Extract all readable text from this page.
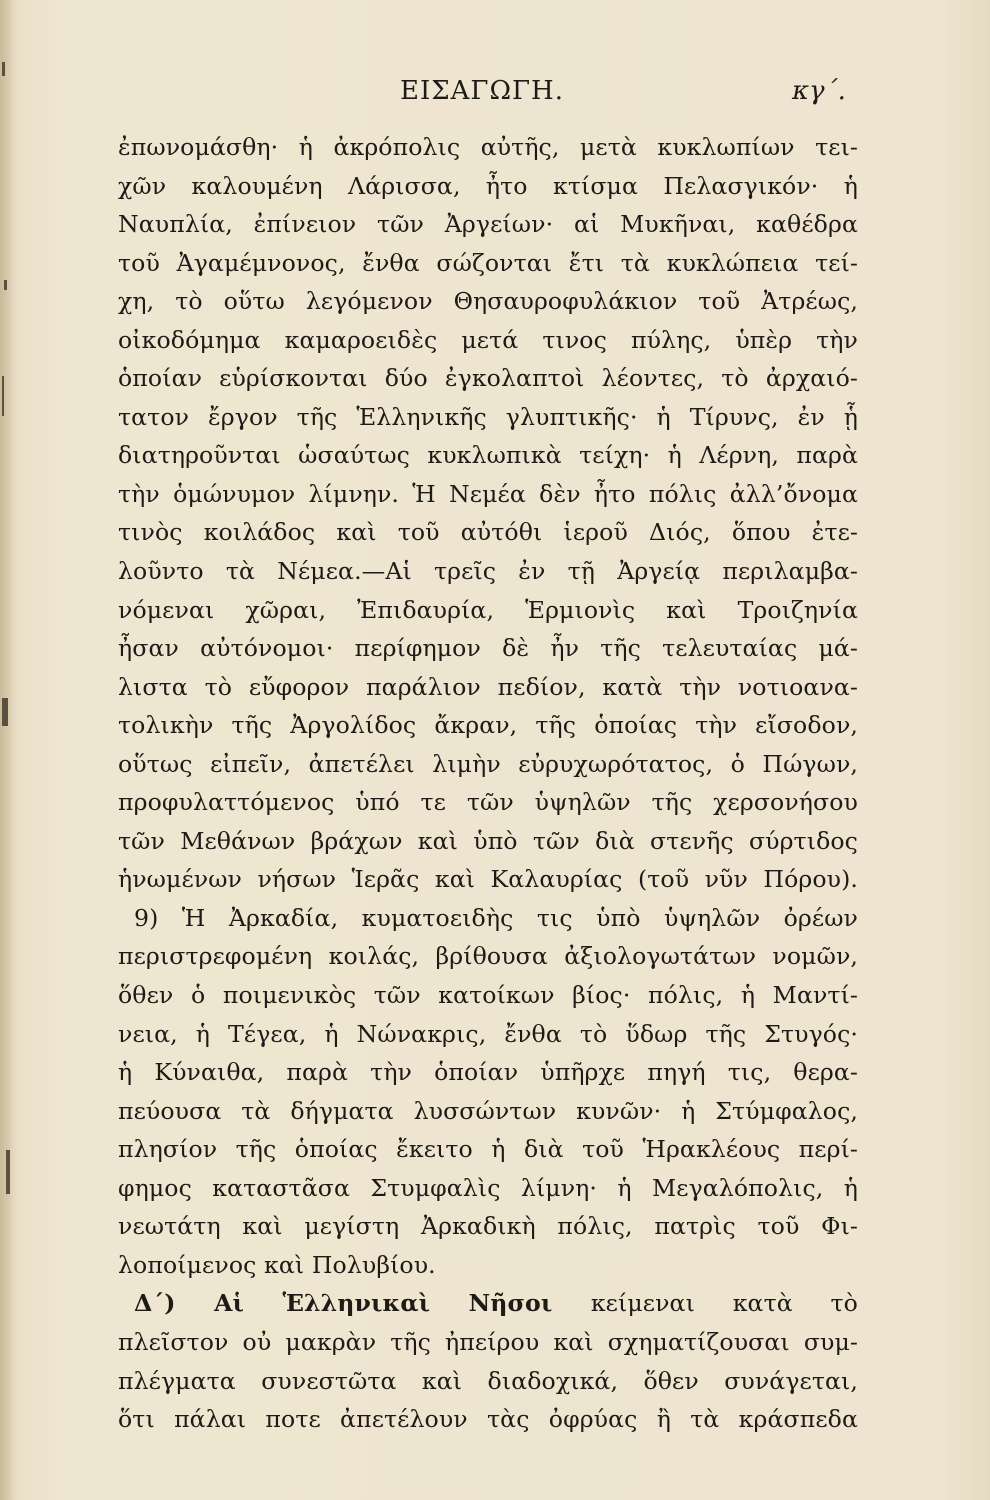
ΕΙΣΑΓΩΓΗ.	κγ΄.
ἐπωνομάσθη· ἡ ἀκρόπολις αὐτῆς, μετὰ κυκλωπίων τει-
χῶν καλουμένη Λάρισσα, ἦτο κτίσμα Πελασγικόν· ἡ
Ναυπλία, ἐπίνειον τῶν Ἀργείων· αἱ Μυκῆναι, καθέδρα
τοῦ Ἀγαμέμνονος, ἔνθα σώζονται ἔτι τὰ κυκλώπεια τεί-
χη, τὸ οὕτω λεγόμενον Θησαυροφυλάκιον τοῦ Ἀτρέως,
οἰκοδόμημα καμαροειδὲς μετά τινος πύλης, ὑπὲρ τὴν
ὁποίαν εὑρίσκονται δύο ἐγκολαπτοὶ λέοντες, τὸ ἀρχαιό-
τατον ἔργον τῆς Ἑλληνικῆς γλυπτικῆς· ἡ Τίρυνς, ἐν ᾗ
διατηροῦνται ὡσαύτως κυκλωπικὰ τείχη· ἡ Λέρνη, παρὰ
τὴν ὁμώνυμον λίμνην. Ἡ Νεμέα δὲν ἦτο πόλις ἀλλ’ὄνομα
τινὸς κοιλάδος καὶ τοῦ αὐτόθι ἱεροῦ Διός, ὅπου ἐτε-
λοῦντο τὰ Νέμεα.—Αἱ τρεῖς ἐν τῇ Ἀργείᾳ περιλαμβα-
νόμεναι χῶραι, Ἐπιδαυρία, Ἑρμιονὶς καὶ Τροιζηνία
ἦσαν αὐτόνομοι· περίφημον δὲ ἦν τῆς τελευταίας μά-
λιστα τὸ εὔφορον παράλιον πεδίον, κατὰ τὴν νοτιοανα-
τολικὴν τῆς Ἀργολίδος ἄκραν, τῆς ὁποίας τὴν εἴσοδον,
οὕτως εἰπεῖν, ἀπετέλει λιμὴν εὐρυχωρότατος, ὁ Πώγων,
προφυλαττόμενος ὑπό τε τῶν ὑψηλῶν τῆς χερσονήσου
τῶν Μεθάνων βράχων καὶ ὑπὸ τῶν διὰ στενῆς σύρτιδος
ἡνωμένων νήσων Ἱερᾶς καὶ Καλαυρίας (τοῦ νῦν Πόρου).
9) Ἡ Ἀρκαδία, κυματοειδὴς τις ὑπὸ ὑψηλῶν ὀρέων
περιστρεφομένη κοιλάς, βρίθουσα ἀξιολογωτάτων νομῶν,
ὅθεν ὁ ποιμενικὸς τῶν κατοίκων βίος· πόλις, ἡ Μαντί-
νεια, ἡ Τέγεα, ἡ Νώνακρις, ἔνθα τὸ ὕδωρ τῆς Στυγός·
ἡ Κύναιθα, παρὰ τὴν ὁποίαν ὑπῆρχε πηγή τις, θερα-
πεύουσα τὰ δήγματα λυσσώντων κυνῶν· ἡ Στύμφαλος,
πλησίον τῆς ὁποίας ἔκειτο ἡ διὰ τοῦ Ἡρακλέους περί-
φημος καταστᾶσα Στυμφαλὶς λίμνη· ἡ Μεγαλόπολις, ἡ
νεωτάτη καὶ μεγίστη Ἀρκαδικὴ πόλις, πατρὶς τοῦ Φι-
λοποίμενος καὶ Πολυβίου.
Δ΄) Αἱ Ἑλληνικαὶ Νῆσοι κείμεναι κατὰ τὸ
πλεῖστον οὐ μακρὰν τῆς ἠπείρου καὶ σχηματίζουσαι συμ-
πλέγματα συνεστῶτα καὶ διαδοχικά, ὅθεν συνάγεται,
ὅτι πάλαι ποτε ἀπετέλουν τὰς ὀφρύας ἢ τὰ κράσπεδα
